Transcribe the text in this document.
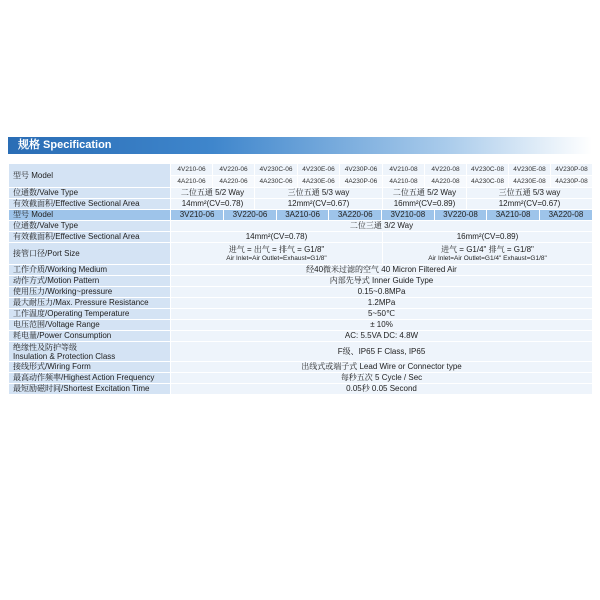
规格 Specification
型号 Model	4V210-06	4V220-06	4V230C-06	4V230E-06	4V230P-06	4V210-08	4V220-08	4V230C-08	4V230E-08	4V230P-08
4A210-06	4A220-06	4A230C-06	4A230E-06	4A230P-06	4A210-08	4A220-08	4A230C-08	4A230E-08	4A230P-08
位通数/Valve Type	二位五通 5/2 Way	三位五通 5/3 way	二位五通 5/2 Way	三位五通 5/3 way
有效截面积/Effective Sectional Area	14mm²(CV=0.78)	12mm²(CV=0.67)	16mm²(CV=0.89)	12mm²(CV=0.67)
型号 Model		3V210-06	3V220-06	3A210-06	3A220-06	3V210-08	3V220-08	3A210-08	3A220-08

位通数/Valve Type	二位三通 3/2 Way
有效截面积/Effective Sectional Area	14mm²(CV=0.78)	16mm²(CV=0.89)
接管口径/Port Size	进气 = 出气 = 排气 = G1/8"
Air Inlet=Air Outlet=Exhaust=G1/8"

进气 = G1/4" 排气 = G1/8"
Air Inlet=Air Outlet=G1/4" Exhaust=G1/8"

工作介质/Working Medium	经40微米过滤的空气 40 Micron Filtered Air
动作方式/Motion Pattern	内部先导式 Inner Guide Type
使用压力/Working~pressure	0.15~0.8MPa
最大耐压力/Max. Pressure Resistance	1.2MPa
工作温度/Operating Temperature	5~50℃
电压范围/Voltage Range	± 10%
耗电量/Power Consumption	AC: 5.5VA DC: 4.8W

绝缘性及防护等级
Insulation & Protection Class
	F级、IP65 F Class, IP65
接线形式/Wiring Form	出线式或端子式 Lead Wire or Connector type
最高动作频率/Highest Action Frequency	每秒五次 5 Cycle / Sec
最短励磁时间/Shortest Excitation Time	0.05秒 0.05 Second
